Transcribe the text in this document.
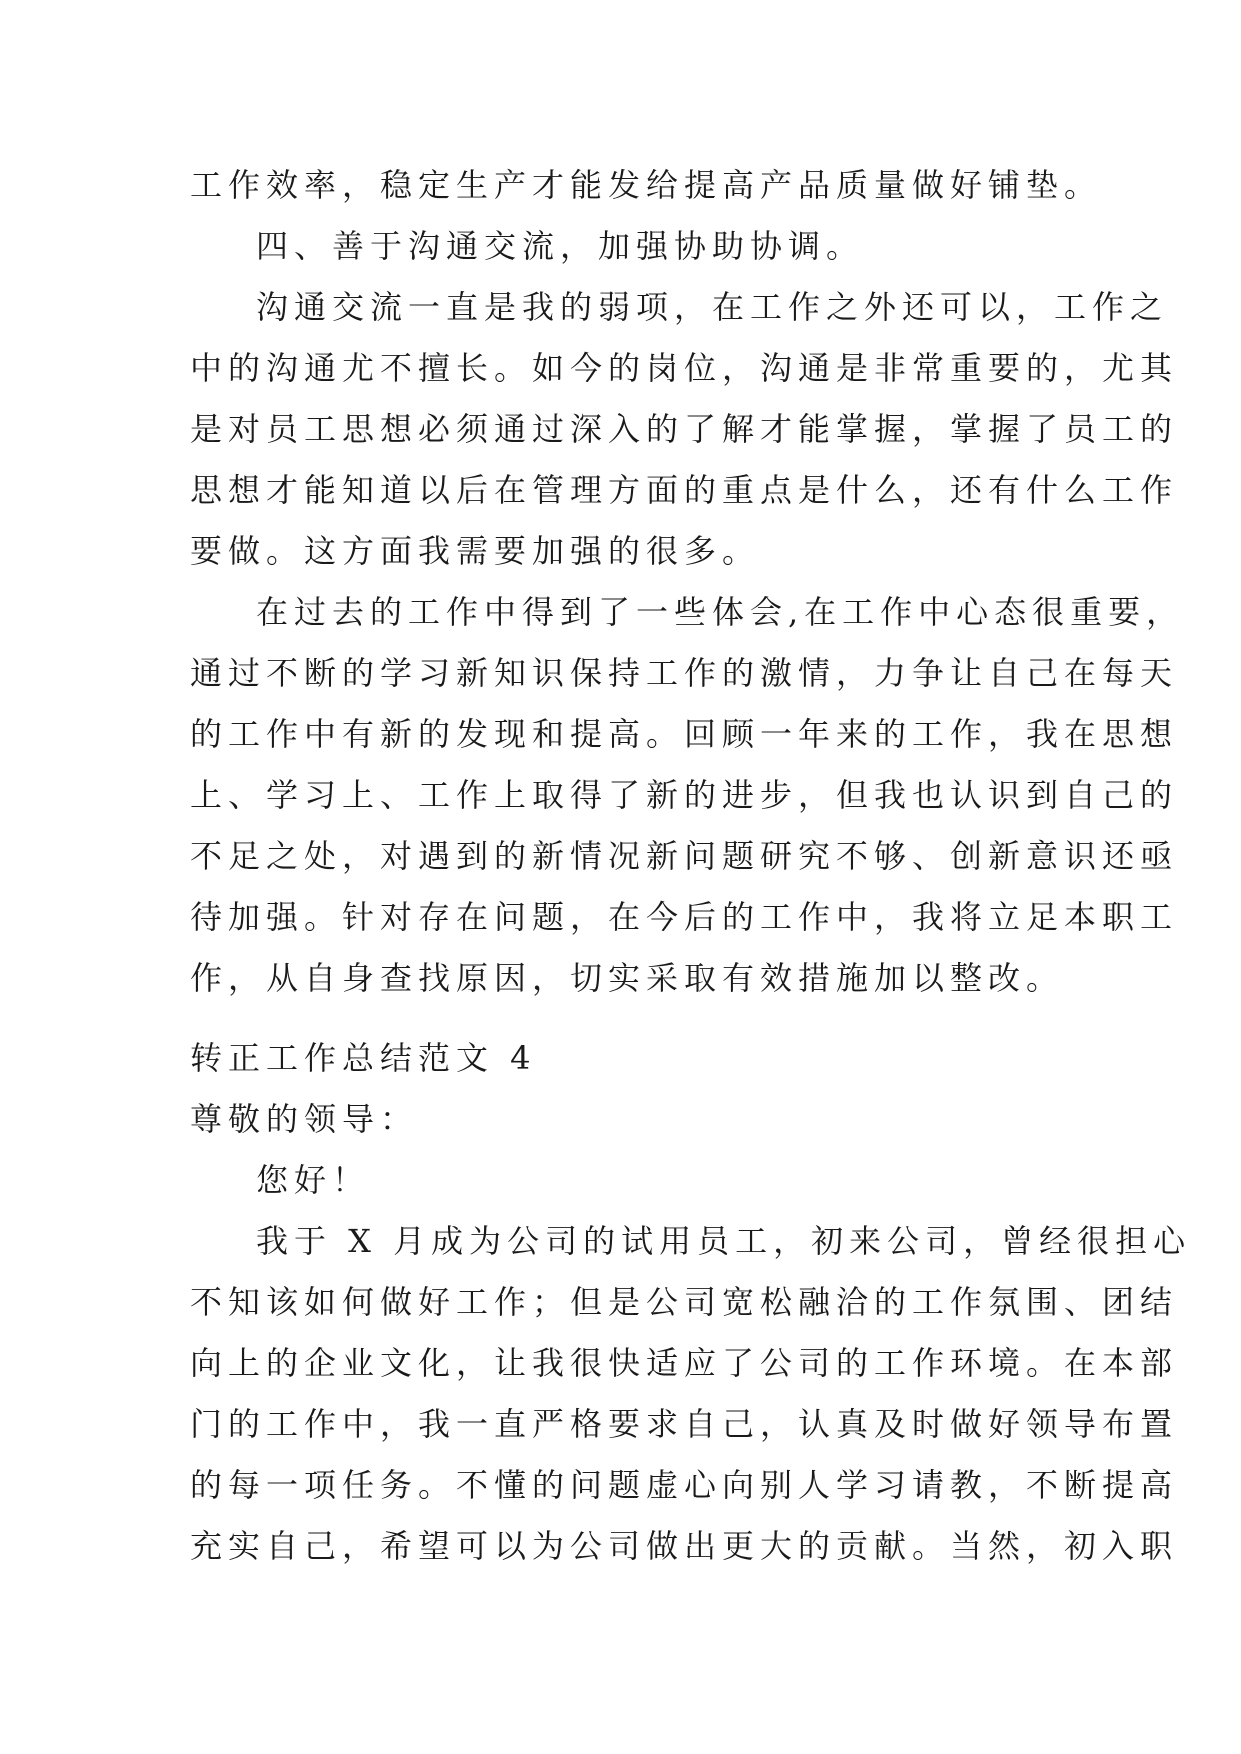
工作效率，稳定生产才能发给提高产品质量做好铺垫。
四、善于沟通交流，加强协助协调。
沟通交流一直是我的弱项，在工作之外还可以，工作之
中的沟通尤不擅长。如今的岗位，沟通是非常重要的，尤其
是对员工思想必须通过深入的了解才能掌握，掌握了员工的
思想才能知道以后在管理方面的重点是什么，还有什么工作
要做。这方面我需要加强的很多。
在过去的工作中得到了一些体会,在工作中心态很重要，
通过不断的学习新知识保持工作的激情，力争让自己在每天
的工作中有新的发现和提高。回顾一年来的工作，我在思想
上、学习上、工作上取得了新的进步，但我也认识到自己的
不足之处，对遇到的新情况新问题研究不够、创新意识还亟
待加强。针对存在问题，在今后的工作中，我将立足本职工
作，从自身查找原因，切实采取有效措施加以整改。
转正工作总结范文 4
尊敬的领导：
您好！
我于 X 月成为公司的试用员工，初来公司，曾经很担心
不知该如何做好工作；但是公司宽松融洽的工作氛围、团结
向上的企业文化，让我很快适应了公司的工作环境。在本部
门的工作中，我一直严格要求自己，认真及时做好领导布置
的每一项任务。不懂的问题虚心向别人学习请教，不断提高
充实自己，希望可以为公司做出更大的贡献。当然，初入职
